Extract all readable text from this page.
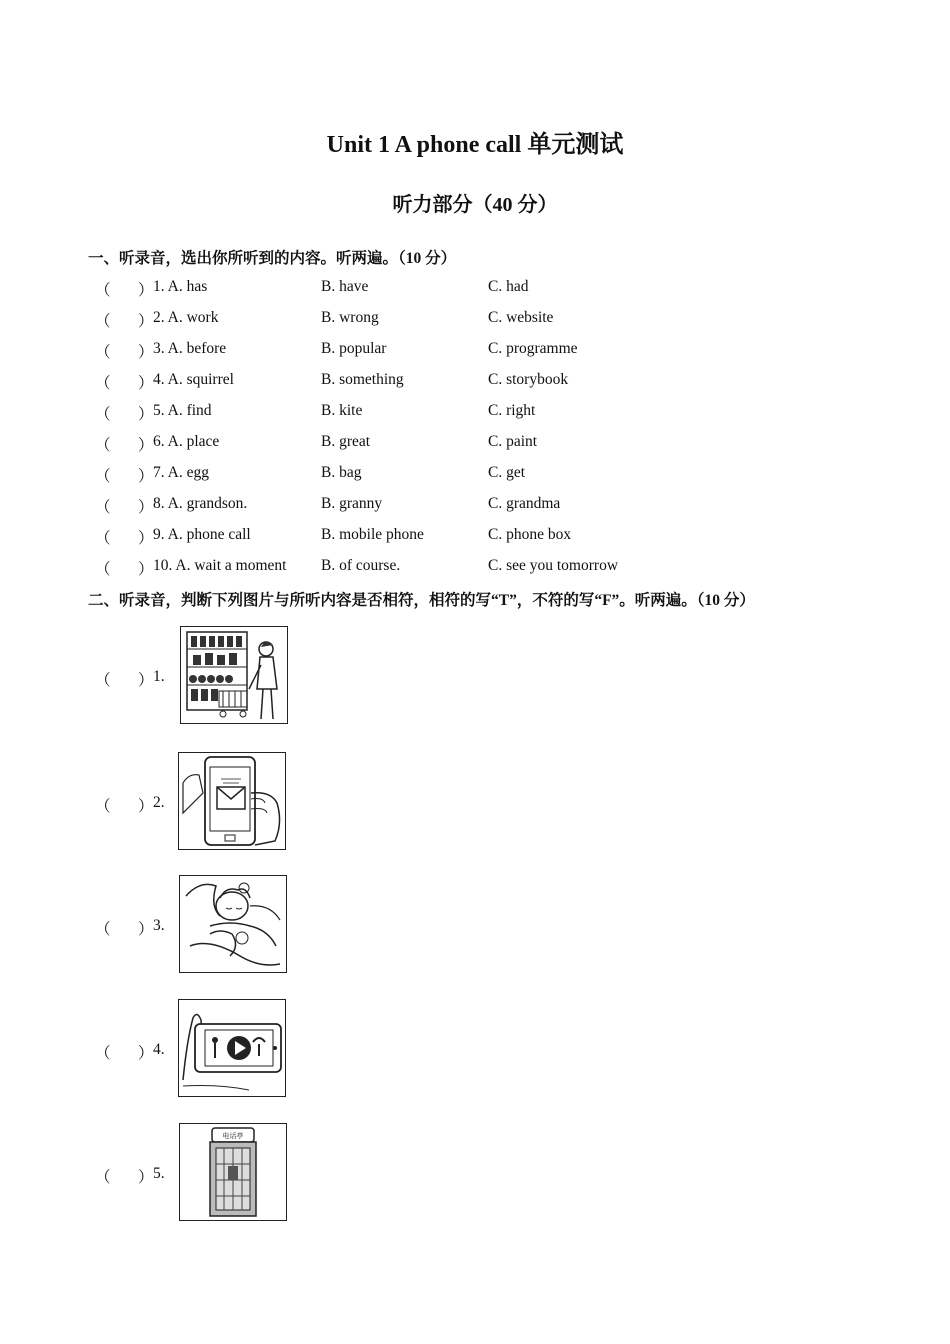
Unit 1 A phone call 单元测试
听力部分（40 分）
一、听录音，选出你所听到的内容。听两遍。（10 分）
（ ） 1. A. has	B. have	C. had
（ ） 2. A. work	B. wrong	C. website
（ ） 3. A. before	B. popular	C. programme
（ ） 4. A. squirrel	B. something	C. storybook
（ ） 5. A. find	B. kite	C. right
（ ） 6. A. place	B. great	C. paint
（ ） 7. A. egg	B. bag	C. get
（ ） 8. A. grandson.	B. granny	C. grandma
（ ） 9. A. phone call	B. mobile phone	C. phone box
（ ） 10. A. wait a moment B. of course.	C. see you tomorrow
二、听录音，判断下列图片与所听内容是否相符，相符的写“T”，不符的写“F”。听两遍。（10 分）
（ ） 1.
（ ） 2.
（ ） 3.
（ ） 4.
（ ） 5.
电话亭
